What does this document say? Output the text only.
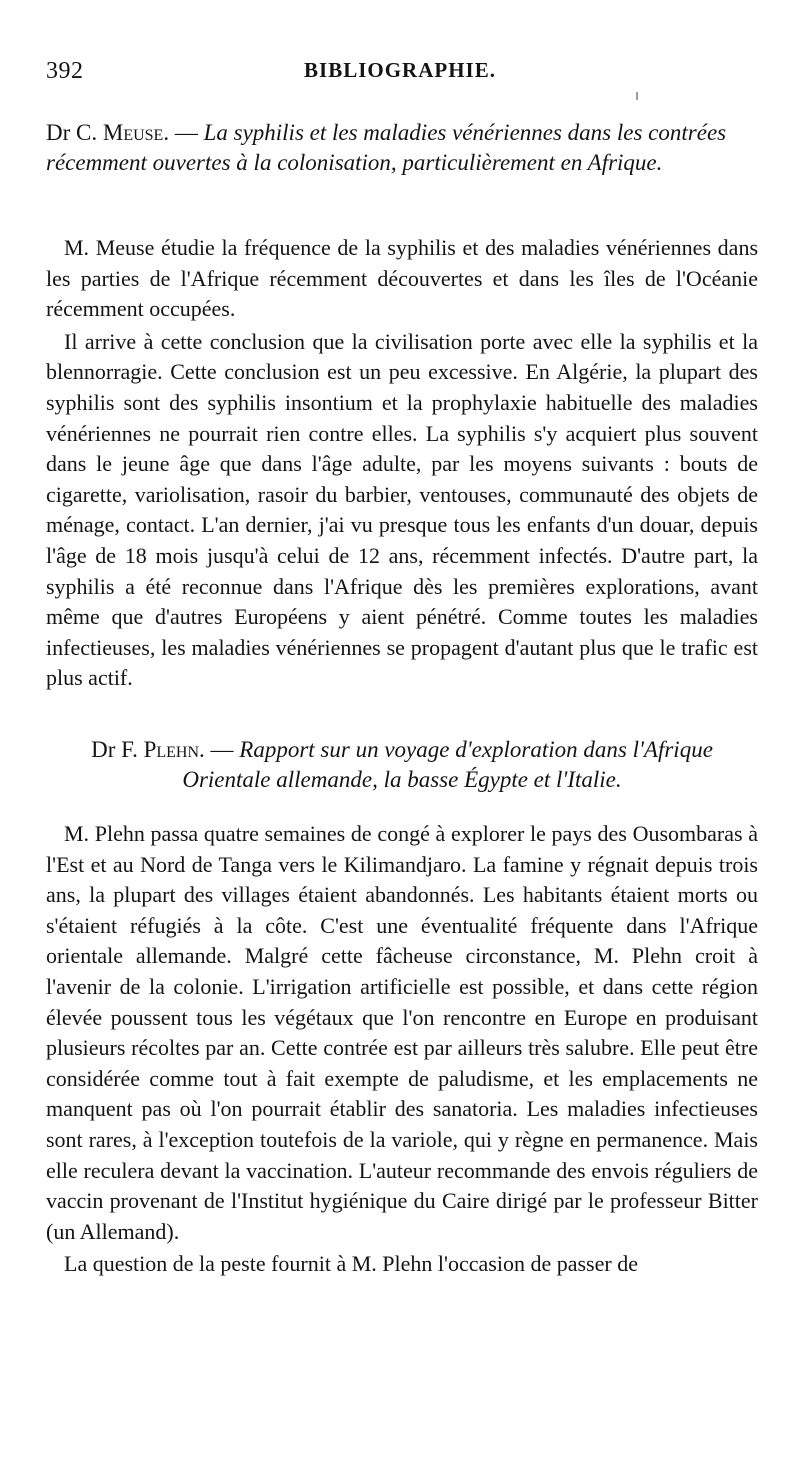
392	BIBLIOGRAPHIE.
Dr C. Meuse. — La syphilis et les maladies vénériennes dans les contrées récemment ouvertes à la colonisation, particulièrement en Afrique.

M. Meuse étudie la fréquence de la syphilis et des maladies vénériennes dans les parties de l'Afrique récemment découvertes et dans les îles de l'Océanie récemment occupées.

Il arrive à cette conclusion que la civilisation porte avec elle la syphilis et la blennorragie. Cette conclusion est un peu excessive. En Algérie, la plupart des syphilis sont des syphilis insontium et la prophylaxie habituelle des maladies vénériennes ne pourrait rien contre elles. La syphilis s'y acquiert plus souvent dans le jeune âge que dans l'âge adulte, par les moyens suivants : bouts de cigarette, variolisation, rasoir du barbier, ventouses, communauté des objets de ménage, contact. L'an dernier, j'ai vu presque tous les enfants d'un douar, depuis l'âge de 18 mois jusqu'à celui de 12 ans, récemment infectés. D'autre part, la syphilis a été reconnue dans l'Afrique dès les premières explorations, avant même que d'autres Européens y aient pénétré. Comme toutes les maladies infectieuses, les maladies vénériennes se propagent d'autant plus que le trafic est plus actif.

Dr F. Plehn. — Rapport sur un voyage d'exploration dans l'Afrique Orientale allemande, la basse Égypte et l'Italie.

M. Plehn passa quatre semaines de congé à explorer le pays des Ousombaras à l'Est et au Nord de Tanga vers le Kilimandjaro. La famine y régnait depuis trois ans, la plupart des villages étaient abandonnés. Les habitants étaient morts ou s'étaient réfugiés à la côte. C'est une éventualité fréquente dans l'Afrique orientale allemande. Malgré cette fâcheuse circonstance, M. Plehn croit à l'avenir de la colonie. L'irrigation artificielle est possible, et dans cette région élevée poussent tous les végétaux que l'on rencontre en Europe en produisant plusieurs récoltes par an. Cette contrée est par ailleurs très salubre. Elle peut être considérée comme tout à fait exempte de paludisme, et les emplacements ne manquent pas où l'on pourrait établir des sanatoria. Les maladies infectieuses sont rares, à l'exception toutefois de la variole, qui y règne en permanence. Mais elle reculera devant la vaccination. L'auteur recommande des envois réguliers de vaccin provenant de l'Institut hygiénique du Caire dirigé par le professeur Bitter (un Allemand).

La question de la peste fournit à M. Plehn l'occasion de passer de
